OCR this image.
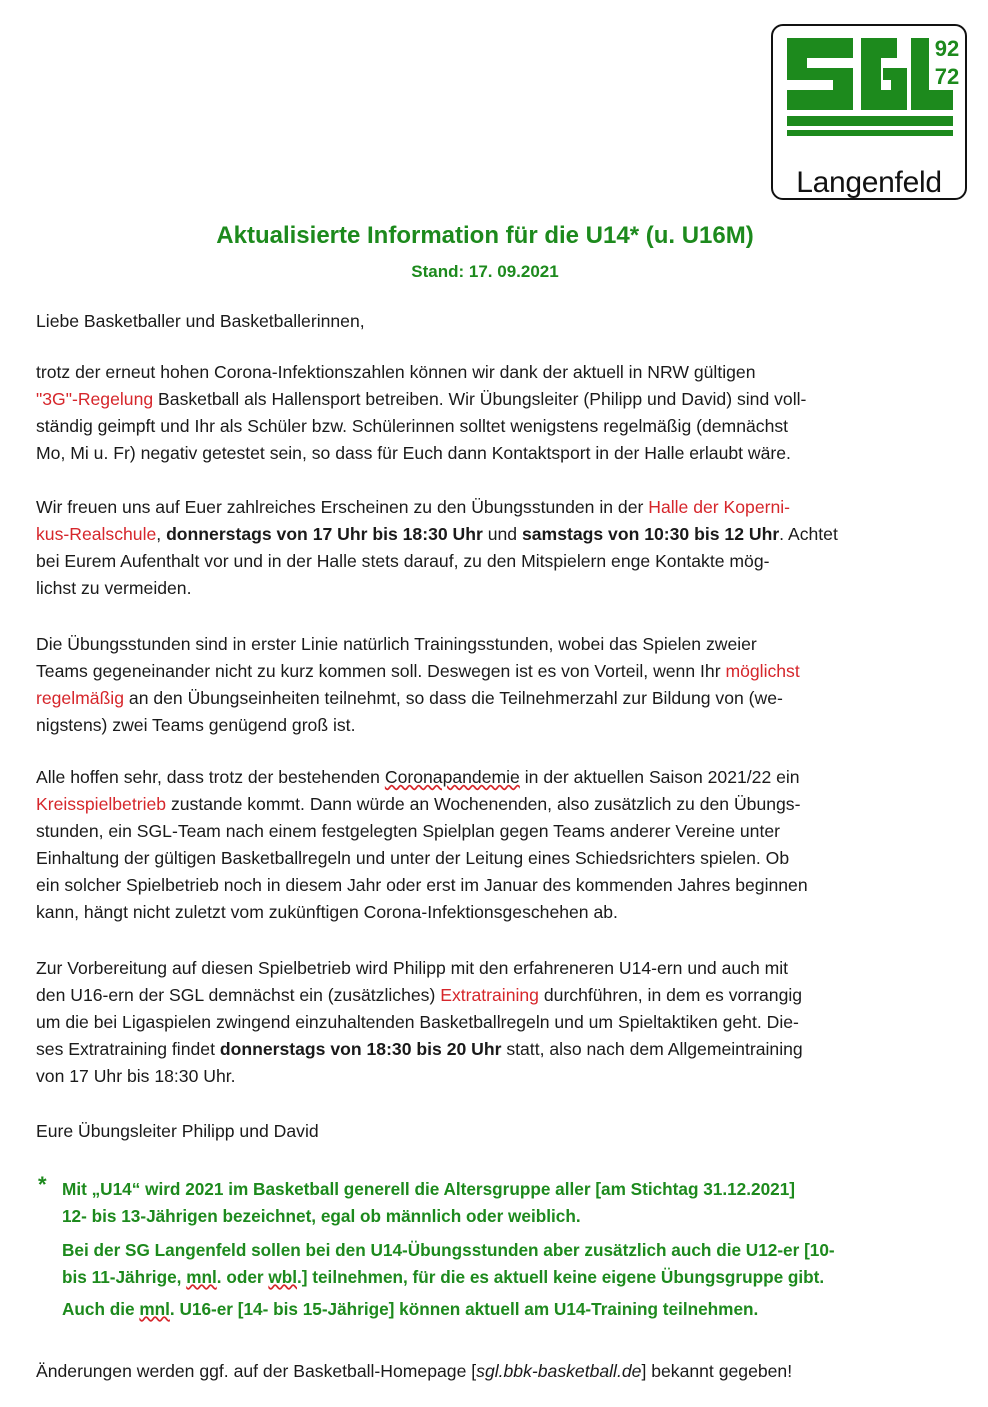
92
72
Langenfeld
Aktualisierte Information für die U14* (u. U16M)
Stand: 17. 09.2021

Liebe Basketballer und Basketballerinnen,

trotz der erneut hohen Corona-Infektionszahlen können wir dank der aktuell in NRW gültigen

"3G"-Regelung Basketball als Hallensport betreiben. Wir Übungsleiter (Philipp und David) sind voll-

ständig geimpft und Ihr als Schüler bzw. Schülerinnen solltet wenigstens regelmäßig (demnächst

Mo, Mi u. Fr) negativ getestet sein, so dass für Euch dann Kontaktsport in der Halle erlaubt wäre.

Wir freuen uns auf Euer zahlreiches Erscheinen zu den Übungsstunden in der Halle der Koperni-

kus-Realschule, donnerstags von 17 Uhr bis 18:30 Uhr und samstags von 10:30 bis 12 Uhr. Achtet

bei Eurem Aufenthalt vor und in der Halle stets darauf, zu den Mitspielern enge Kontakte mög-

lichst zu vermeiden.

Die Übungsstunden sind in erster Linie natürlich Trainingsstunden, wobei das Spielen zweier

Teams gegeneinander nicht zu kurz kommen soll. Deswegen ist es von Vorteil, wenn Ihr möglichst

regelmäßig an den Übungseinheiten teilnehmt, so dass die Teilnehmerzahl zur Bildung von (we-

nigstens) zwei Teams genügend groß ist.

Alle hoffen sehr, dass trotz der bestehenden Coronapandemie in der aktuellen Saison 2021/22 ein

Kreisspielbetrieb zustande kommt. Dann würde an Wochenenden, also zusätzlich zu den Übungs-

stunden, ein SGL-Team nach einem festgelegten Spielplan gegen Teams anderer Vereine unter

Einhaltung der gültigen Basketballregeln und unter der Leitung eines Schiedsrichters spielen. Ob

ein solcher Spielbetrieb noch in diesem Jahr oder erst im Januar des kommenden Jahres beginnen

kann, hängt nicht zuletzt vom zukünftigen Corona-Infektionsgeschehen ab.

Zur Vorbereitung auf diesen Spielbetrieb wird Philipp mit den erfahreneren U14-ern und auch mit

den U16-ern der SGL demnächst ein (zusätzliches) Extratraining durchführen, in dem es vorrangig

um die bei Ligaspielen zwingend einzuhaltenden Basketballregeln und um Spieltaktiken geht. Die-

ses Extratraining findet donnerstags von 18:30 bis 20 Uhr statt, also nach dem Allgemeintraining

von 17 Uhr bis 18:30 Uhr.

Eure Übungsleiter Philipp und David

* Mit „U14“ wird 2021 im Basketball generell die Altersgruppe aller [am Stichtag 31.12.2021]

12- bis 13-Jährigen bezeichnet, egal ob männlich oder weiblich.

Bei der SG Langenfeld sollen bei den U14-Übungsstunden aber zusätzlich auch die U12-er [10-

bis 11-Jährige, mnl. oder wbl.] teilnehmen, für die es aktuell keine eigene Übungsgruppe gibt.

Auch die mnl. U16-er [14- bis 15-Jährige] können aktuell am U14-Training teilnehmen.

Änderungen werden ggf. auf der Basketball-Homepage [sgl.bbk-basketball.de] bekannt gegeben!
